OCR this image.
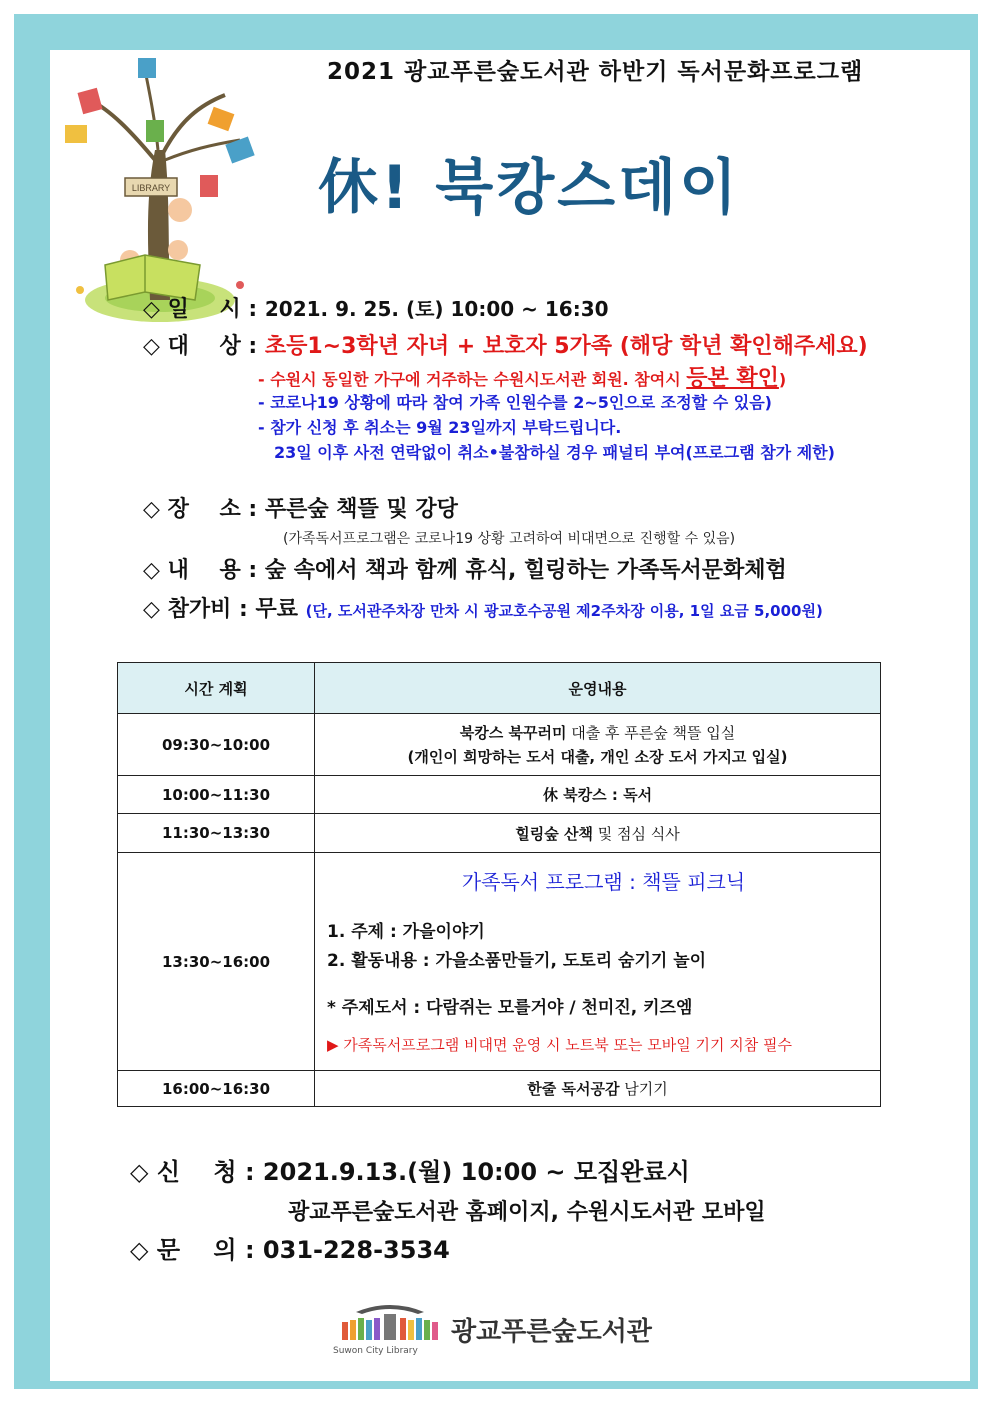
LIBRARY
2021 광교푸른숲도서관 하반기 독서문화프로그램
休! 북캉스데이
◇ 일    시 : 2021. 9. 25. (토) 10:00 ~ 16:30
◇ 대    상 : 초등1~3학년 자녀 + 보호자 5가족 (해당 학년 확인해주세요)
- 수원시 동일한 가구에 거주하는 수원시도서관 회원. 참여시 등본 확인)
- 코로나19 상황에 따라 참여 가족 인원수를 2~5인으로 조정할 수 있음)
- 참가 신청 후 취소는 9월 23일까지 부탁드립니다.
23일 이후 사전 연락없이 취소•불참하실 경우 패널티 부여(프로그램 참가 제한)
◇ 장    소 : 푸른숲 책뜰 및 강당
(가족독서프로그램은 코로나19 상황 고려하여 비대면으로 진행할 수 있음)
◇ 내    용 : 숲 속에서 책과 함께 휴식, 힐링하는 가족독서문화체험
◇ 참가비 : 무료 (단, 도서관주차장 만차 시 광교호수공원 제2주차장 이용, 1일 요금 5,000원)
시간 계획	운영내용
09:30~10:00	북캉스 북꾸러미 대출 후 푸른숲 책뜰 입실
(개인이 희망하는 도서 대출, 개인 소장 도서 가지고 입실)

10:00~11:30	休 북캉스 : 독서
11:30~13:30	힐링숲 산책 및 점심 식사
13:30~16:00	가족독서 프로그램 : 책뜰 피크닉
1. 주제 : 가을이야기
2. 활동내용 : 가을소품만들기, 도토리 숨기기 놀이
* 주제도서 : 다람쥐는 모를거야 / 천미진, 키즈엠
▶ 가족독서프로그램 비대면 운영 시 노트북 또는 모바일 기기 지참 필수

16:00~16:30	한줄 독서공감 남기기
◇ 신    청 : 2021.9.13.(월) 10:00 ~ 모집완료시
광교푸른숲도서관 홈페이지, 수원시도서관 모바일
◇ 문    의 : 031-228-3534
Suwon City Library
광교푸른숲도서관
